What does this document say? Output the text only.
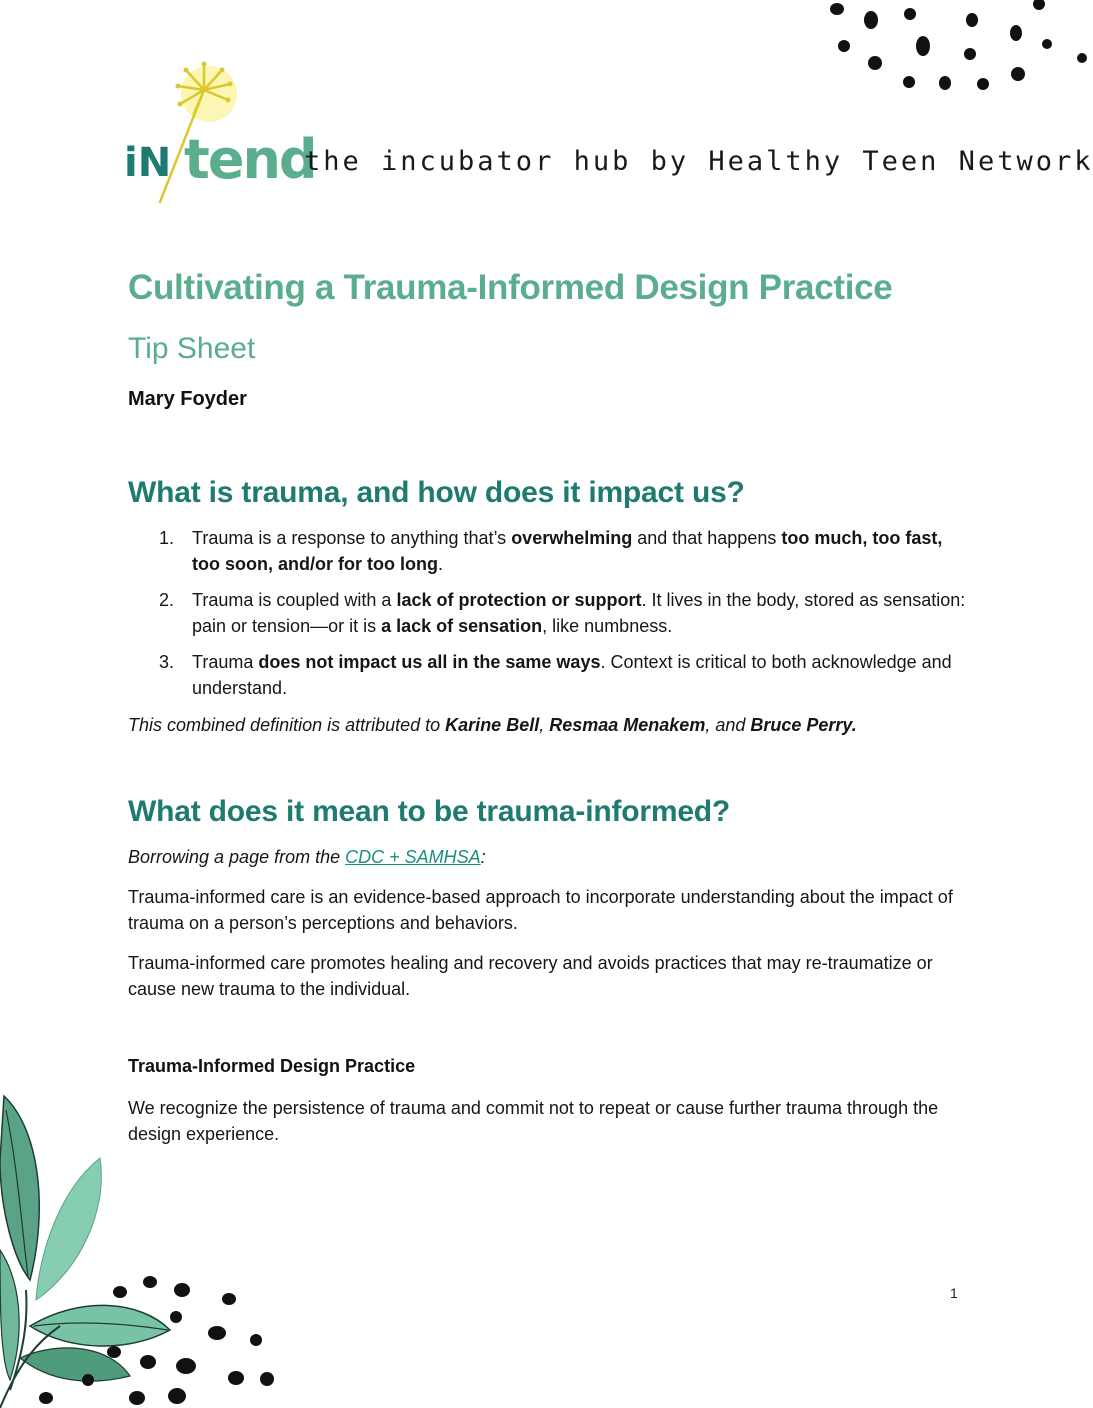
iN tend
the incubator hub by Healthy Teen Network
Cultivating a Trauma-Informed Design Practice
Tip Sheet
Mary Foyder
What is trauma, and how does it impact us?
1. Trauma is a response to anything that’s overwhelming and that happens too much, too fast, too soon, and/or for too long.
2. Trauma is coupled with a lack of protection or support. It lives in the body, stored as sensation: pain or tension—or it is a lack of sensation, like numbness.
3. Trauma does not impact us all in the same ways. Context is critical to both acknowledge and understand.
This combined definition is attributed to Karine Bell, Resmaa Menakem, and Bruce Perry.
What does it mean to be trauma-informed?
Borrowing a page from the CDC + SAMHSA:

Trauma-informed care is an evidence-based approach to incorporate understanding about the impact of trauma on a person’s perceptions and behaviors.

Trauma-informed care promotes healing and recovery and avoids practices that may re-traumatize or cause new trauma to the individual.

Trauma-Informed Design Practice

We recognize the persistence of trauma and commit not to repeat or cause further trauma through the design experience.

1
